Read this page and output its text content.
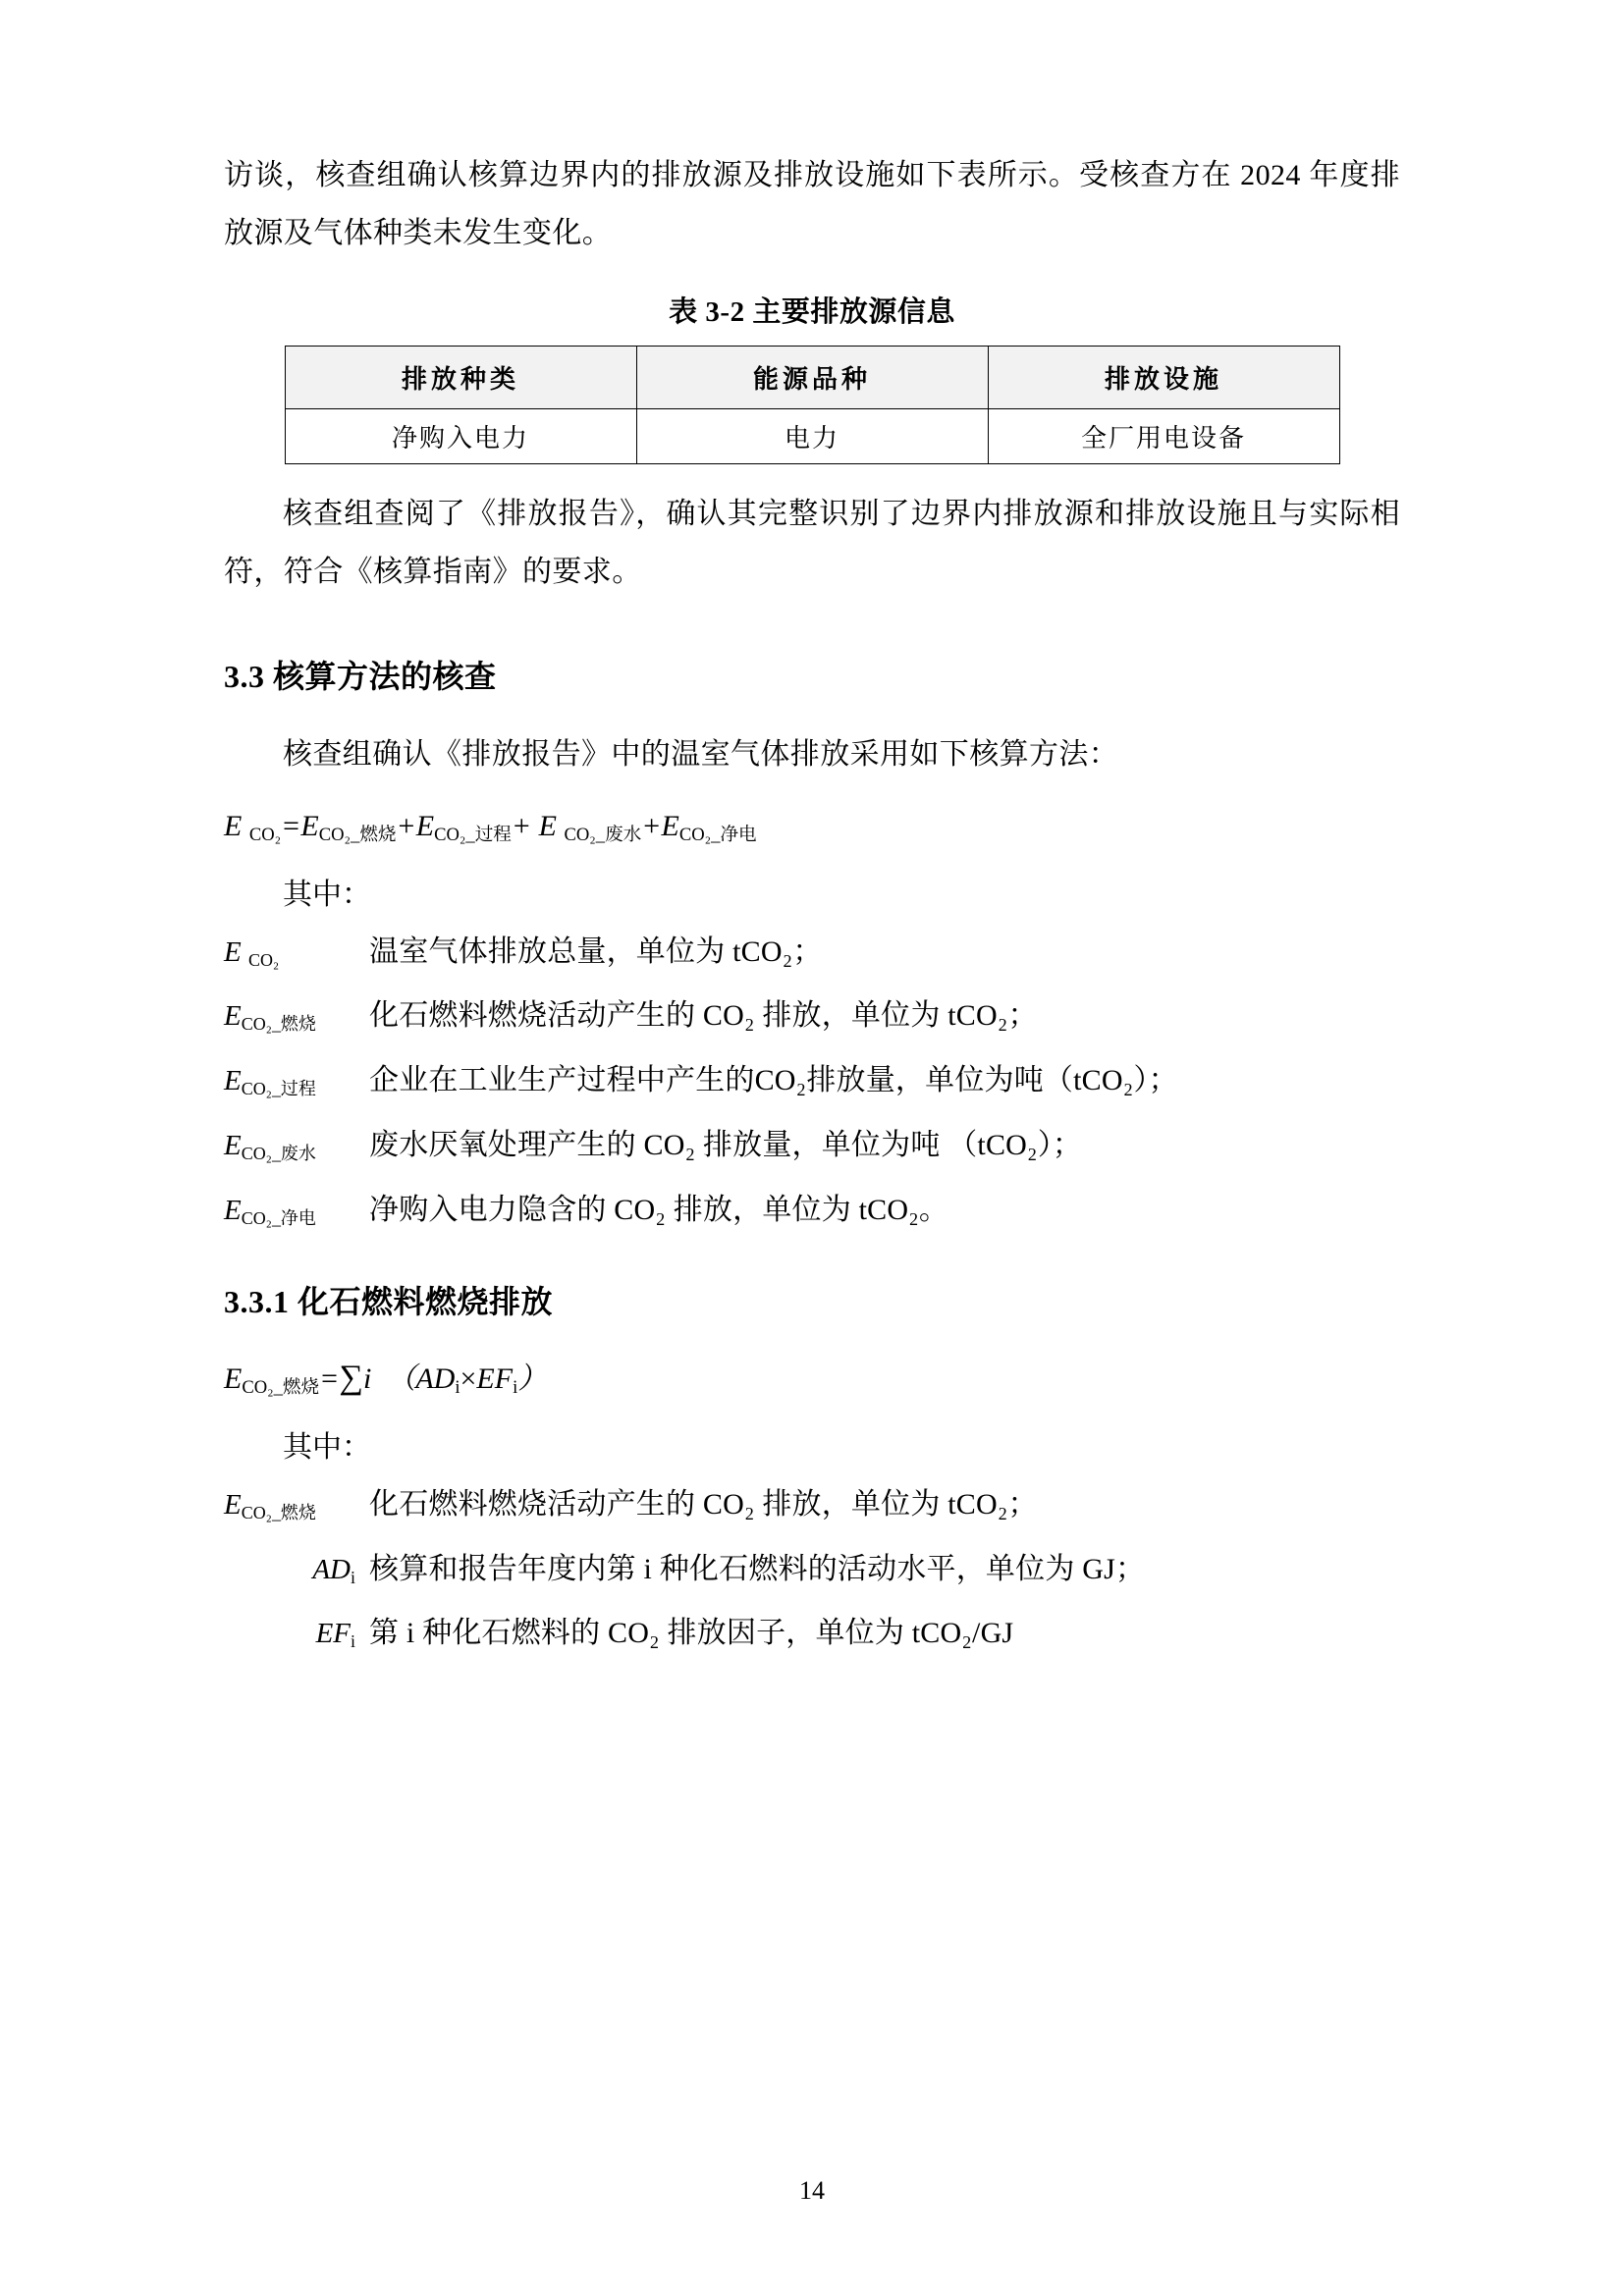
访谈，核查组确认核算边界内的排放源及排放设施如下表所示。受核查方在 2024 年度排放源及气体种类未发生变化。

表 3-2 主要排放源信息
排放种类	能源品种	排放设施
净购入电力	电力	全厂用电设备

核查组查阅了《排放报告》，确认其完整识别了边界内排放源和排放设施且与实际相符，符合《核算指南》的要求。

3.3 核算方法的核查

核查组确认《排放报告》中的温室气体排放采用如下核算方法：

E $_{CO_2}=E_{CO_2\_燃烧}+E_{CO_2\_过程}+ E$ $_{CO_2\_废水}+E_{CO_2\_净电}$
其中：
E $_{CO_2}$	温室气体排放总量，单位为 tCO₂；
$E_{CO_2\_燃烧}$	化石燃料燃烧活动产生的 CO₂ 排放，单位为 tCO₂；
$E_{CO_2\_过程}$	企业在工业生产过程中产生的CO₂排放量，单位为吨（tCO₂）；
$E_{CO_2\_废水}$	废水厌氧处理产生的 CO₂ 排放量，单位为吨 （tCO₂）；
$E_{CO_2\_净电}$	净购入电力隐含的 CO₂ 排放，单位为 tCO₂。
3.3.1 化石燃料燃烧排放
$E_{CO_2\_燃烧}=\sum i$  $(AD_i\times EF_i)$
其中：
$E_{CO_2\_燃烧}$	化石燃料燃烧活动产生的 CO₂ 排放，单位为 tCO₂；
$AD_i$ 核算和报告年度内第 i 种化石燃料的活动水平，单位为 GJ；
$EF_i$ 第 i 种化石燃料的 CO₂ 排放因子，单位为 tCO₂/GJ
14
